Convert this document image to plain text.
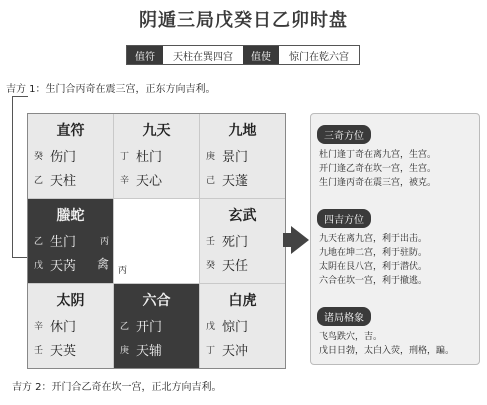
阴遁三局戊癸日乙卯时盘
值符	天柱在巽四宫	值使	惊门在乾六宫
吉方 1：生门合丙奇在震三宫，正东方向吉利。
直符
癸 伤门
乙 天柱
九天
丁 杜门
辛 天心
九地
庚 景门
己 天蓬
螣蛇
乙 生门	丙
戊 天芮 禽 丙
玄武
壬 死门
癸 天任
太阴
辛 休门
壬 天英
六合
乙 开门
庚 天辅
白虎
戊 惊门
丁 天冲
三奇方位
杜门逢丁奇在离九宫，生宫。
开门逢乙奇在坎一宫，生宫。
生门逢丙奇在震三宫，被克。
四吉方位
九天在离九宫，利于出击。
九地在坤二宫，利于驻防。
太阴在艮八宫，利于潜伏。
六合在坎一宫，利于撤逃。
诸局格象
飞鸟跌穴，吉。
戊日日勃，太白入荧，刑格，蹁。
吉方 2：开门合乙奇在坎一宫，正北方向吉利。
